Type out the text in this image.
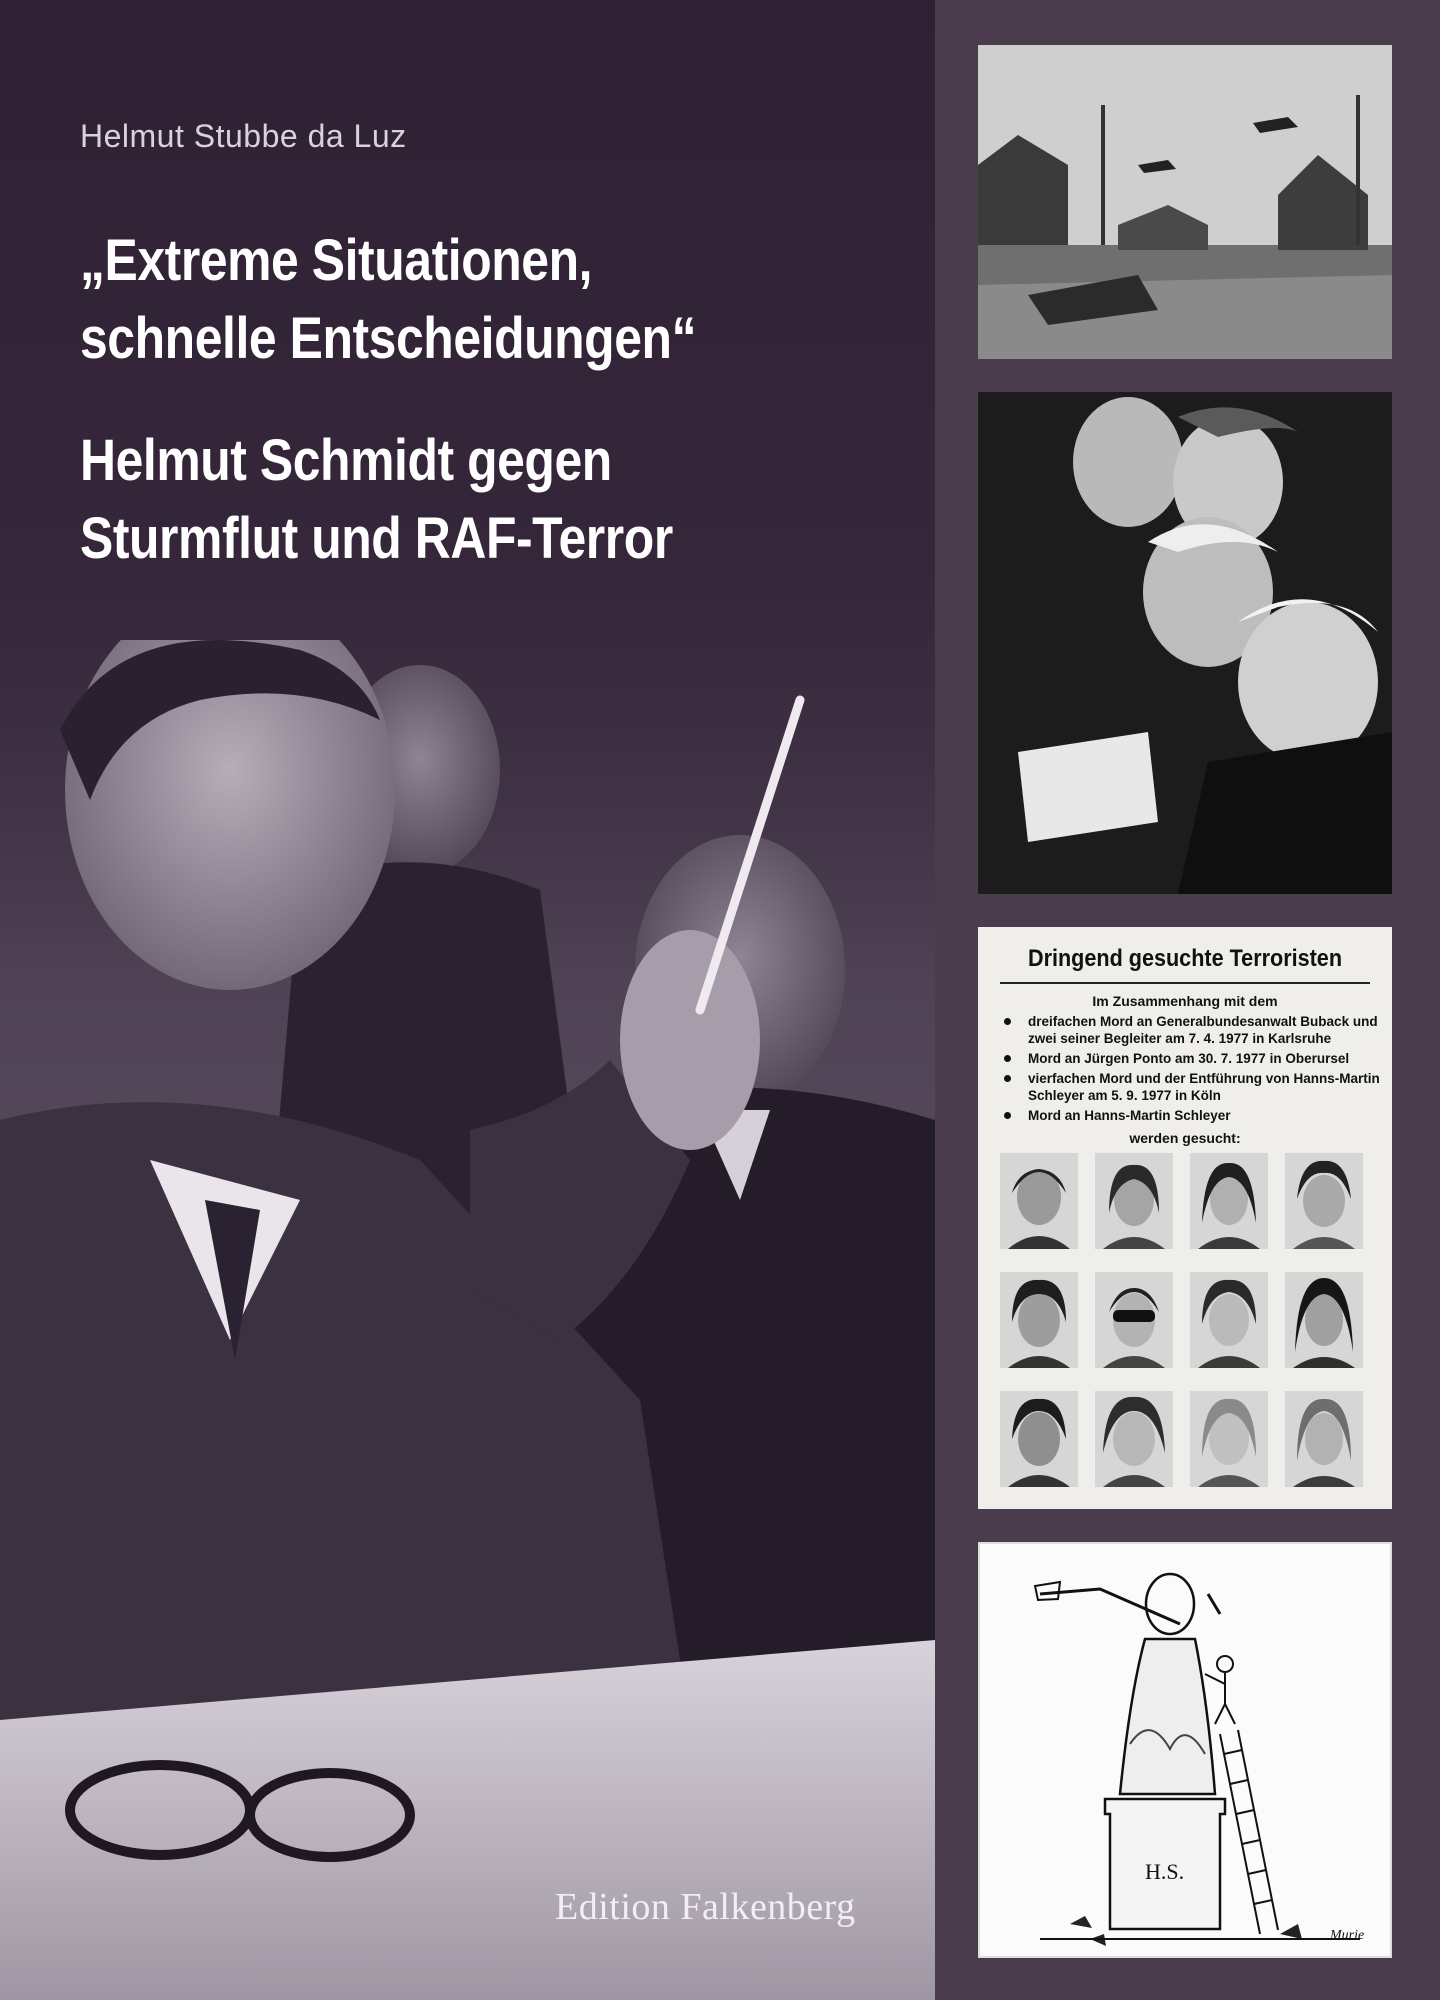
Helmut Stubbe da Luz
„Extreme Situationen,
schnelle Entscheidungen“
Helmut Schmidt gegen
Sturmflut und RAF-Terror
Edition Falkenberg
Dringend gesuchte Terroristen
Im Zusammenhang mit dem
dreifachen Mord an Generalbundesanwalt Buback und zwei seiner Begleiter am 7. 4. 1977 in Karlsruhe
Mord an Jürgen Ponto am 30. 7. 1977 in Oberursel
vierfachen Mord und der Entführung von Hanns-Martin Schleyer am 5. 9. 1977 in Köln
Mord an Hanns-Martin Schleyer
werden gesucht:
H.S.
Murie
